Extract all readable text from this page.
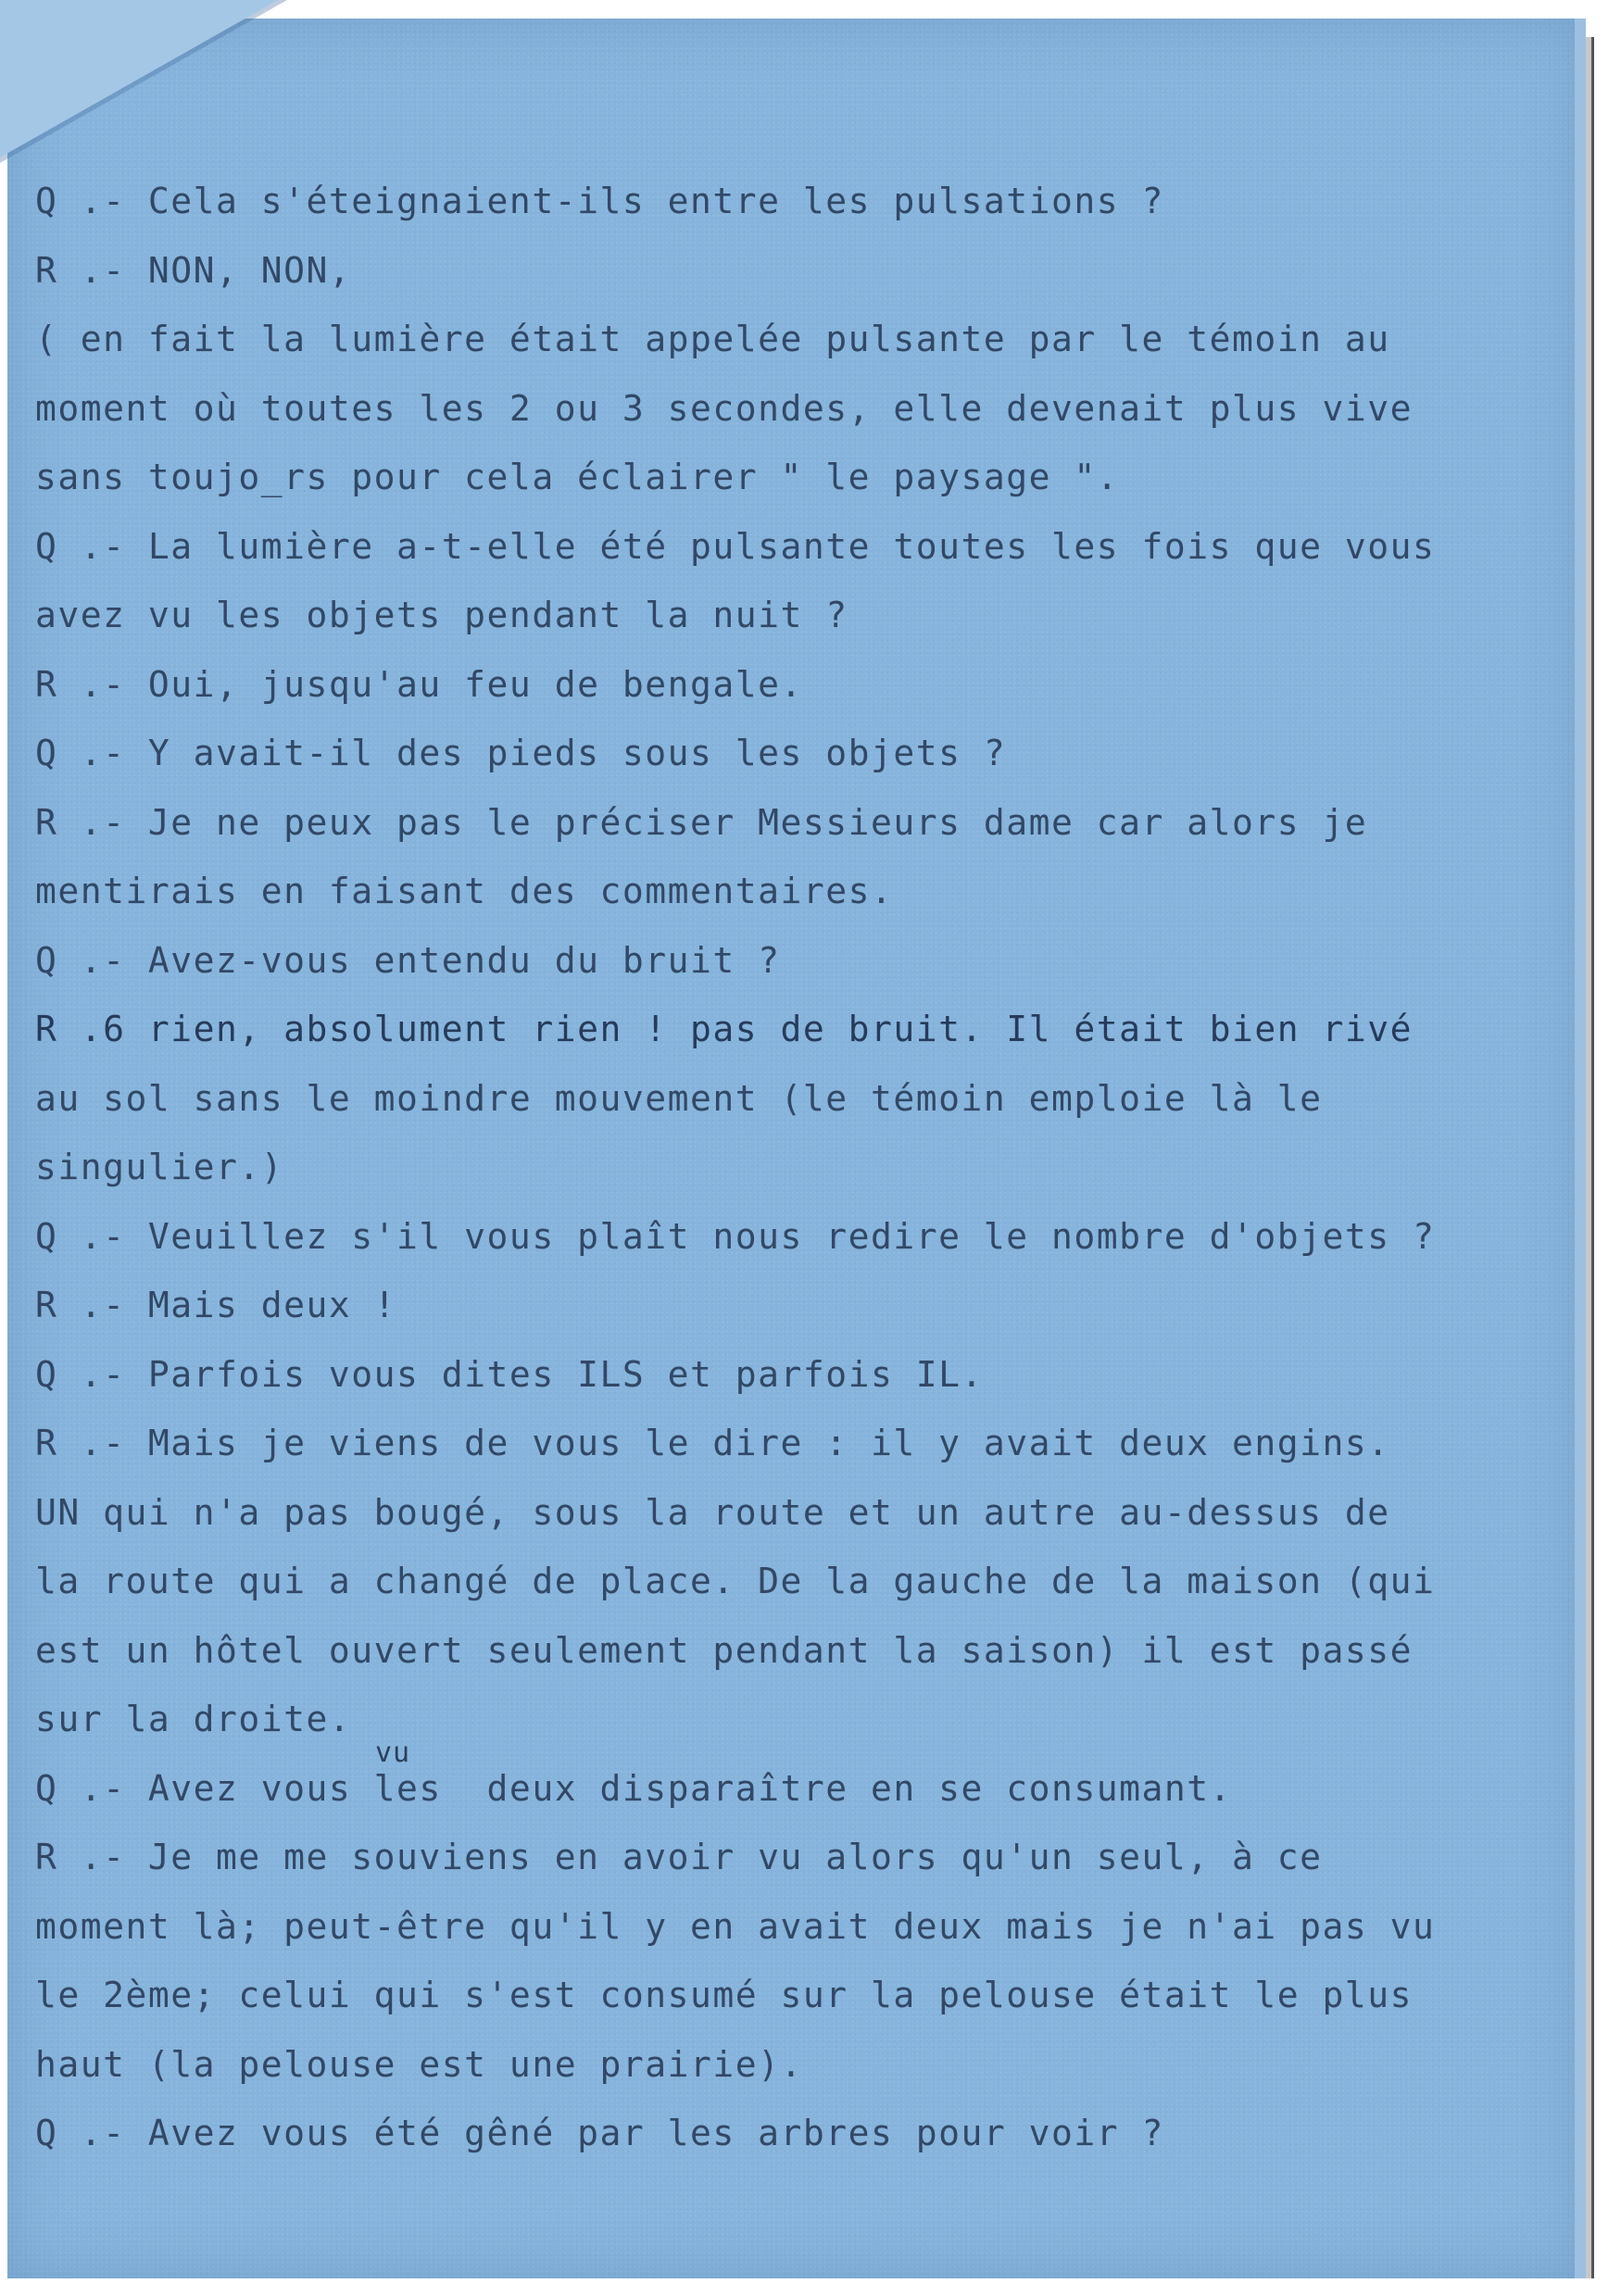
Q .- Cela s'éteignaient-ils entre les pulsations ?
R .- NON, NON,
( en fait la lumière était appelée pulsante par le témoin au
moment où toutes les 2 ou 3 secondes, elle devenait plus vive
sans toujo_rs pour cela éclairer " le paysage ".
Q .- La lumière a-t-elle été pulsante toutes les fois que vous
avez vu les objets pendant la nuit ?
R .- Oui, jusqu'au feu de bengale.
Q .- Y avait-il des pieds sous les objets ?
R .- Je ne peux pas le préciser Messieurs dame car alors je
mentirais en faisant des commentaires.
Q .- Avez-vous entendu du bruit ?
R .6 rien, absolument rien ! pas de bruit. Il était bien rivé
au sol sans le moindre mouvement (le témoin emploie là le
singulier.)
Q .- Veuillez s'il vous plaît nous redire le nombre d'objets ?
R .- Mais deux !
Q .- Parfois vous dites ILS et parfois IL.
R .- Mais je viens de vous le dire : il y avait deux engins.
UN qui n'a pas bougé, sous la route et un autre au-dessus de
la route qui a changé de place. De la gauche de la maison (qui
est un hôtel ouvert seulement pendant la saison) il est passé
sur la droite.
Q .- Avez vous les  deux disparaître en se consumant.
R .- Je me me souviens en avoir vu alors qu'un seul, à ce
moment là; peut-être qu'il y en avait deux mais je n'ai pas vu
le 2ème; celui qui s'est consumé sur la pelouse était le plus
haut (la pelouse est une prairie).
Q .- Avez vous été gêné par les arbres pour voir ?
vu
